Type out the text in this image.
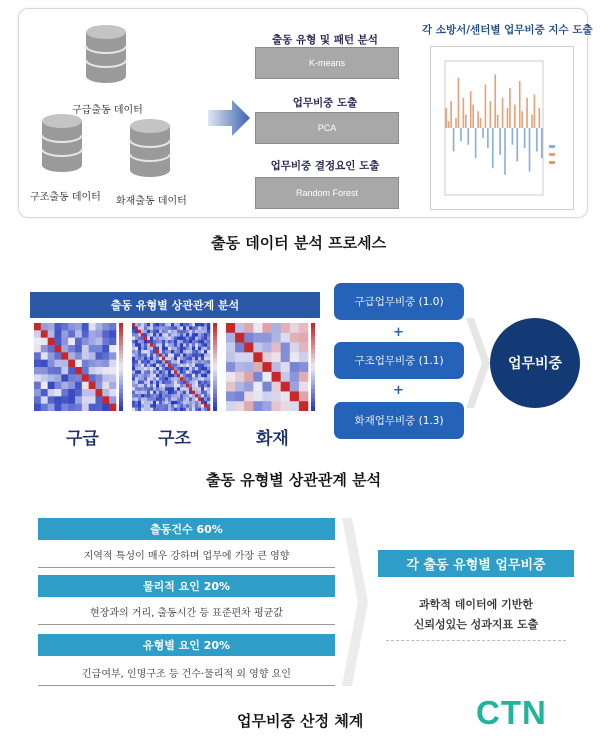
구급출동 데이터
구조출동 데이터 화재출동 데이터
출동 유형 및 패턴 분석
K-means
업무비중 도출
PCA
업무비중 결정요인 도출
Random Forest
각 소방서/센터별 업무비중 지수 도출
출동 데이터 분석 프로세스
출동 유형별 상관관계 분석
구급	구조	화재
구급업무비중 (1.0)
+
구조업무비중 (1.1)
+
화재업무비중 (1.3)
업무비중
출동 유형별 상관관계 분석
출동건수 60%
지역적 특성이 매우 강하며 업무에 가장 큰 영향
물리적 요인 20%
현장과의 거리, 출동시간 등 표준편차 평균값
유형별 요인 20%
긴급여부, 인명구조 등 건수·물리적 외 영향 요인
각 출동 유형별 업무비중
과학적 데이터에 기반한
신뢰성있는 성과지표 도출
업무비중 산정 체계	CTN
